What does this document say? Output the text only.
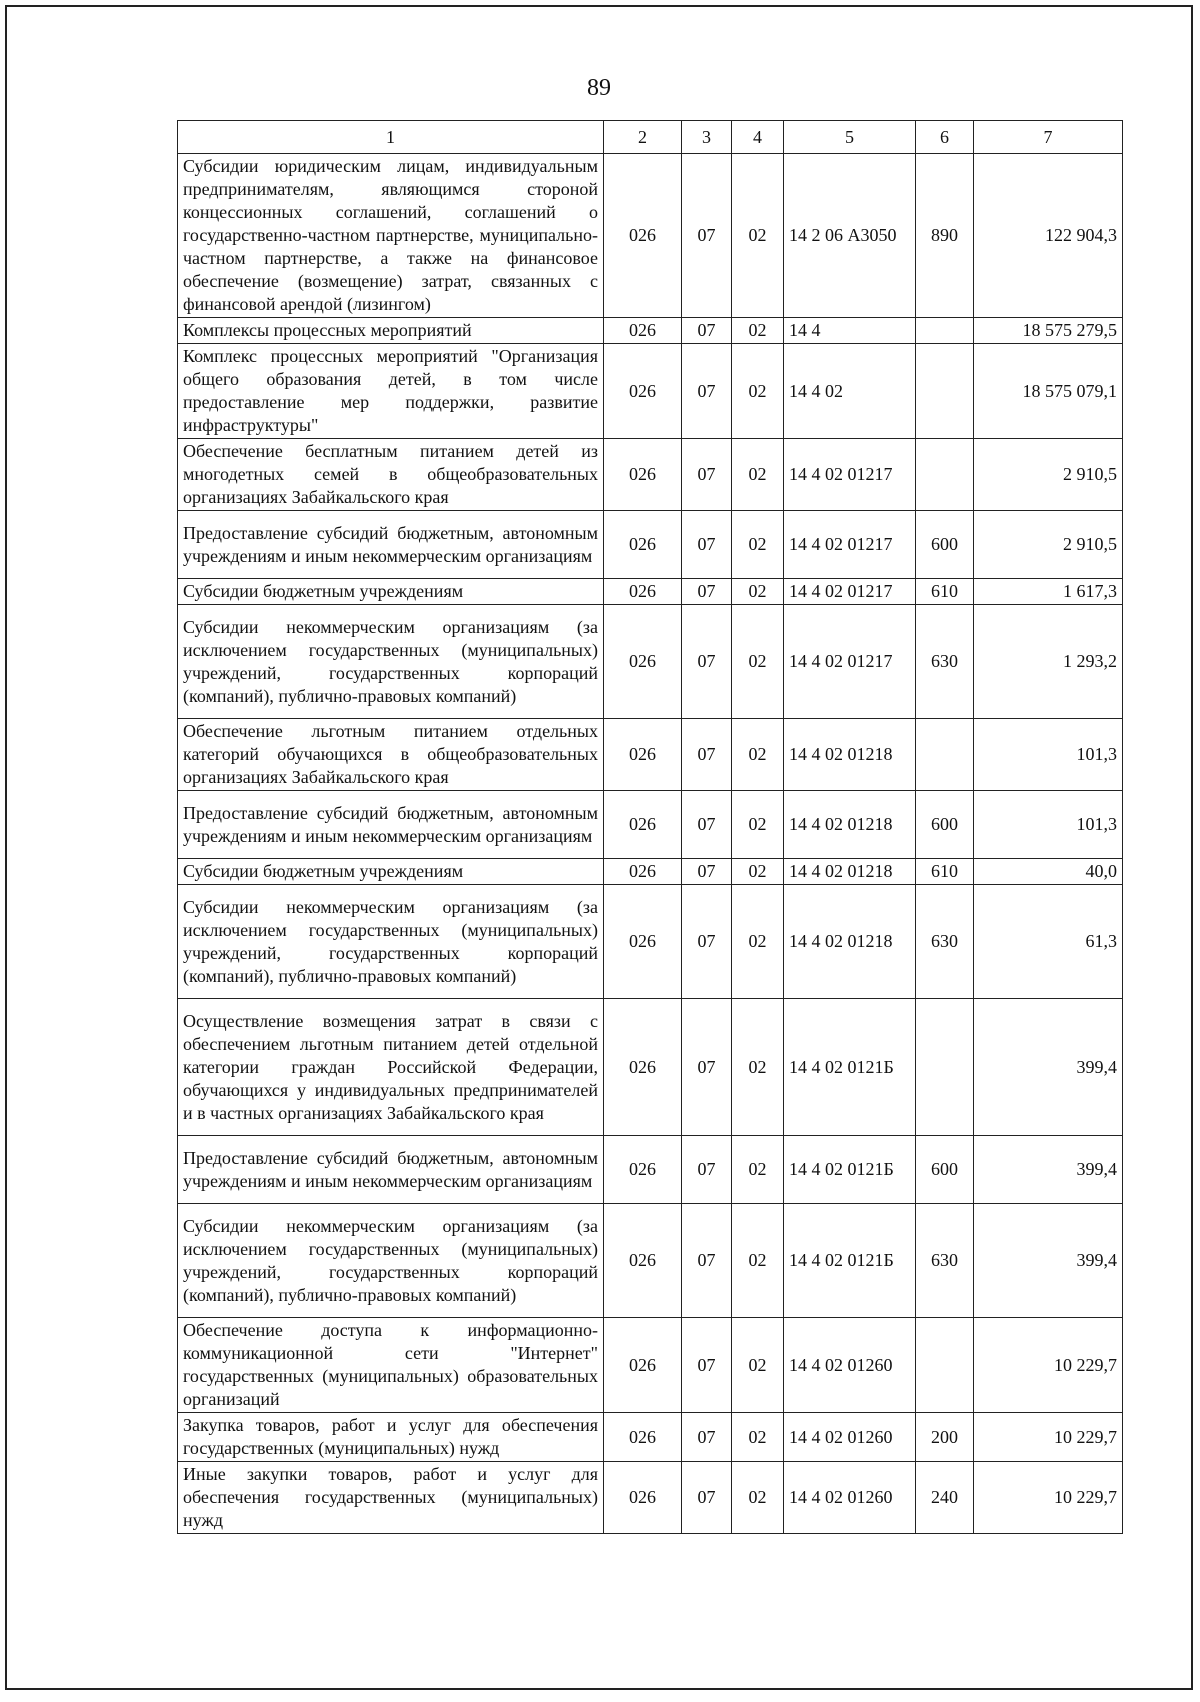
89
1	2	3	4	5	6	7
Субсидии юридическим лицам, индивидуальным предпринимателям, являющимся стороной концессионных соглашений, соглашений о государственно-частном партнерстве, муниципально-частном партнерстве, а также на финансовое обеспечение (возмещение) затрат, связанных с финансовой арендой (лизингом)	026	07	02	14 2 06 А3050	890	122 904,3
Комплексы процессных мероприятий	026	07	02	14 4		18 575 279,5
Комплекс процессных мероприятий "Организация общего образования детей, в том числе предоставление мер поддержки, развитие инфраструктуры"	026	07	02	14 4 02		18 575 079,1
Обеспечение бесплатным питанием детей из многодетных семей в общеобразовательных организациях Забайкальского края	026	07	02	14 4 02 01217		2 910,5
Предоставление субсидий бюджетным, автономным учреждениям и иным некоммерческим организациям	026	07	02	14 4 02 01217	600	2 910,5
Субсидии бюджетным учреждениям	026	07	02	14 4 02 01217	610	1 617,3
Субсидии некоммерческим организациям (за исключением государственных (муниципальных) учреждений, государственных корпораций (компаний), публично-правовых компаний)	026	07	02	14 4 02 01217	630	1 293,2
Обеспечение льготным питанием отдельных категорий обучающихся в общеобразовательных организациях Забайкальского края	026	07	02	14 4 02 01218		101,3
Предоставление субсидий бюджетным, автономным учреждениям и иным некоммерческим организациям	026	07	02	14 4 02 01218	600	101,3
Субсидии бюджетным учреждениям	026	07	02	14 4 02 01218	610	40,0
Субсидии некоммерческим организациям (за исключением государственных (муниципальных) учреждений, государственных корпораций (компаний), публично-правовых компаний)	026	07	02	14 4 02 01218	630	61,3
Осуществление возмещения затрат в связи с обеспечением льготным питанием детей отдельной категории граждан Российской Федерации, обучающихся у индивидуальных предпринимателей и в частных организациях Забайкальского края	026	07	02	14 4 02 0121Б		399,4
Предоставление субсидий бюджетным, автономным учреждениям и иным некоммерческим организациям	026	07	02	14 4 02 0121Б	600	399,4
Субсидии некоммерческим организациям (за исключением государственных (муниципальных) учреждений, государственных корпораций (компаний), публично-правовых компаний)	026	07	02	14 4 02 0121Б	630	399,4
Обеспечение доступа к информационно-коммуникационной сети "Интернет" государственных (муниципальных) образовательных организаций	026	07	02	14 4 02 01260		10 229,7
Закупка товаров, работ и услуг для обеспечения государственных (муниципальных) нужд	026	07	02	14 4 02 01260	200	10 229,7
Иные закупки товаров, работ и услуг для обеспечения государственных (муниципальных) нужд	026	07	02	14 4 02 01260	240	10 229,7
